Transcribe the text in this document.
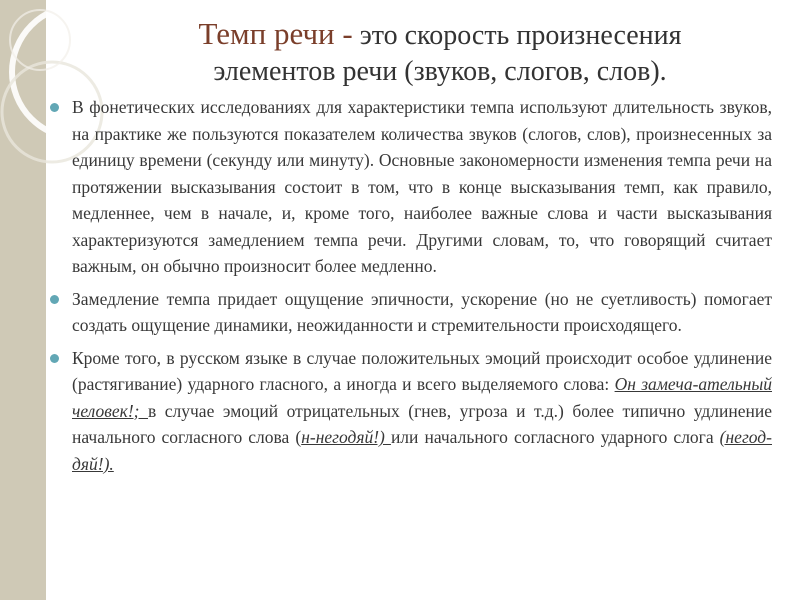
Темп речи - это скорость произнесения элементов речи (звуков, слогов, слов).

В фонетических исследованиях для характеристики темпа используют длительность звуков, на практике же пользуются показателем количества звуков (слогов, слов), произнесенных за единицу времени (секунду или минуту). Основные закономерности изменения темпа речи на протяжении высказывания состоит в том, что в конце высказывания темп, как правило, медленнее, чем в начале, и, кроме того, наиболее важные слова и части высказывания характеризуются замедлением темпа речи. Другими словам, то, что говорящий считает важным, он обычно произносит более медленно.

Замедление темпа придает ощущение эпичности, ускорение (но не суетливость) помогает создать ощущение динамики, неожиданности и стремительности происходящего.

Кроме того, в русском языке в случае положительных эмоций происходит особое удлинение (растягивание) ударного гласного, а иногда и всего выделяемого слова: Он замеча-ательный человек!; в случае эмоций отрицательных (гнев, угроза и т.д.) более типично удлинение начального согласного слова (н-негодяй!) или начального согласного ударного слога (негод-дяй!).
